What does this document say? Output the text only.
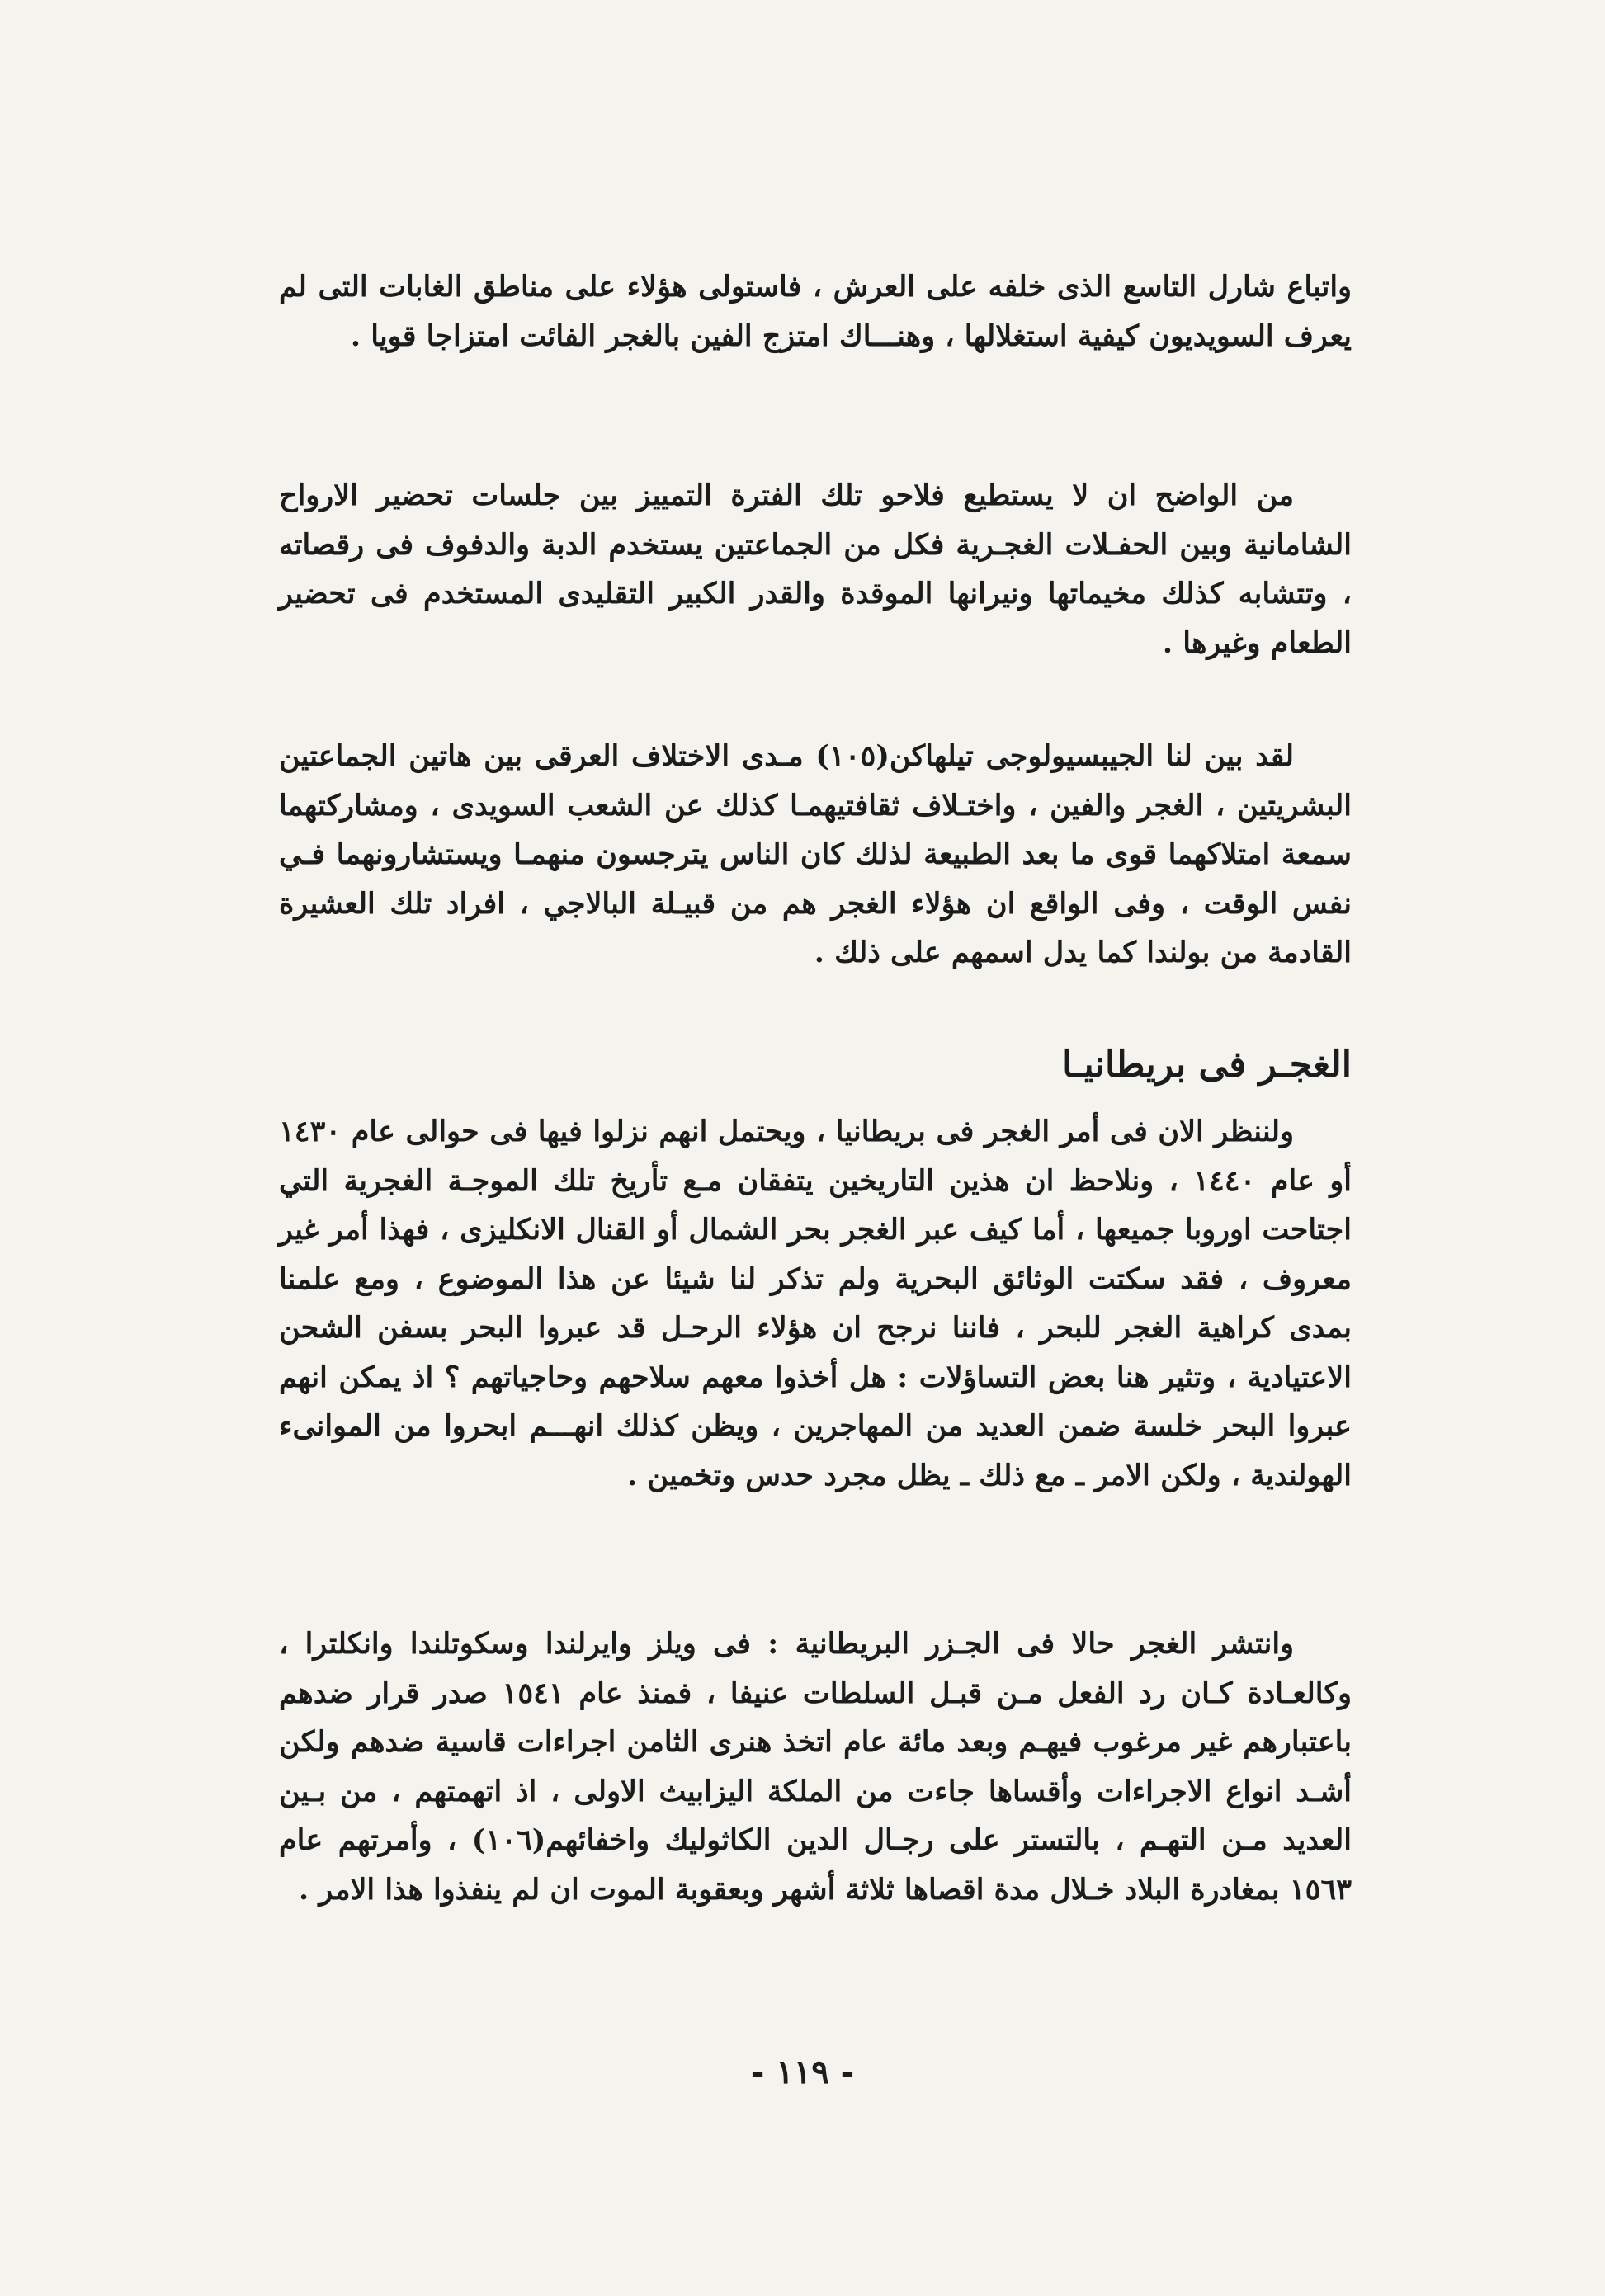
واتباع شارل التاسع الذى خلفه على العرش ، فاستولى هؤلاء على مناطق الغابات التى لم يعرف السويديون كيفية استغلالها ، وهنـــاك امتزج الفين بالغجر الفائت امتزاجا قويا .

من الواضح ان لا يستطيع فلاحو تلك الفترة التمييز بين جلسات تحضير الارواح الشامانية وبين الحفـلات الغجـرية فكل من الجماعتين يستخدم الدبة والدفوف فى رقصاته ، وتتشابه كذلك مخيماتها ونيرانها الموقدة والقدر الكبير التقليدى المستخدم فى تحضير الطعام وغيرها .

لقد بين لنا الجيبسيولوجى تيلهاكن(١٠٥) مـدى الاختلاف العرقى بين هاتين الجماعتين البشريتين ، الغجر والفين ، واختـلاف ثقافتيهمـا كذلك عن الشعب السويدى ، ومشاركتهما سمعة امتلاكهما قوى ما بعد الطبيعة لذلك كان الناس يترجسون منهمـا ويستشارونهما فـي نفس الوقت ، وفى الواقع ان هؤلاء الغجر هم من قبيـلة البالاجي ، افراد تلك العشيرة القادمة من بولندا كما يدل اسمهم على ذلك .

الغجـر فى بريطانيـا

ولننظر الان فى أمر الغجر فى بريطانيا ، ويحتمل انهم نزلوا فيها فى حوالى عام ١٤٣٠ أو عام ١٤٤٠ ، ونلاحظ ان هذين التاريخين يتفقان مـع تأريخ تلك الموجـة الغجرية التي اجتاحت اوروبا جميعها ، أما كيف عبر الغجر بحر الشمال أو القنال الانكليزى ، فهذا أمر غير معروف ، فقد سكتت الوثائق البحرية ولم تذكر لنا شيئا عن هذا الموضوع ، ومع علمنا بمدى كراهية الغجر للبحر ، فاننا نرجح ان هؤلاء الرحـل قد عبروا البحر بسفن الشحن الاعتيادية ، وتثير هنا بعض التساؤلات : هل أخذوا معهم سلاحهم وحاجياتهم ؟ اذ يمكن انهم عبروا البحر خلسة ضمن العديد من المهاجرين ، ويظن كذلك انهـــم ابحروا من الموانىء الهولندية ، ولكن الامر ـ مع ذلك ـ يظل مجرد حدس وتخمين .

وانتشر الغجر حالا فى الجـزر البريطانية : فى ويلز وايرلندا وسكوتلندا وانكلترا ، وكالعـادة كـان رد الفعل مـن قبـل السلطات عنيفا ، فمنذ عام ١٥٤١ صدر قرار ضدهم باعتبارهم غير مرغوب فيهـم وبعد مائة عام اتخذ هنرى الثامن اجراءات قاسية ضدهم ولكن أشـد انواع الاجراءات وأقساها جاءت من الملكة اليزابيث الاولى ، اذ اتهمتهم ، من بـين العديد مـن التهـم ، بالتستر على رجـال الدين الكاثوليك واخفائهم(١٠٦) ، وأمرتهم عام ١٥٦٣ بمغادرة البلاد خـلال مدة اقصاها ثلاثة أشهر وبعقوبة الموت ان لم ينفذوا هذا الامر .

- ١١٩ -
